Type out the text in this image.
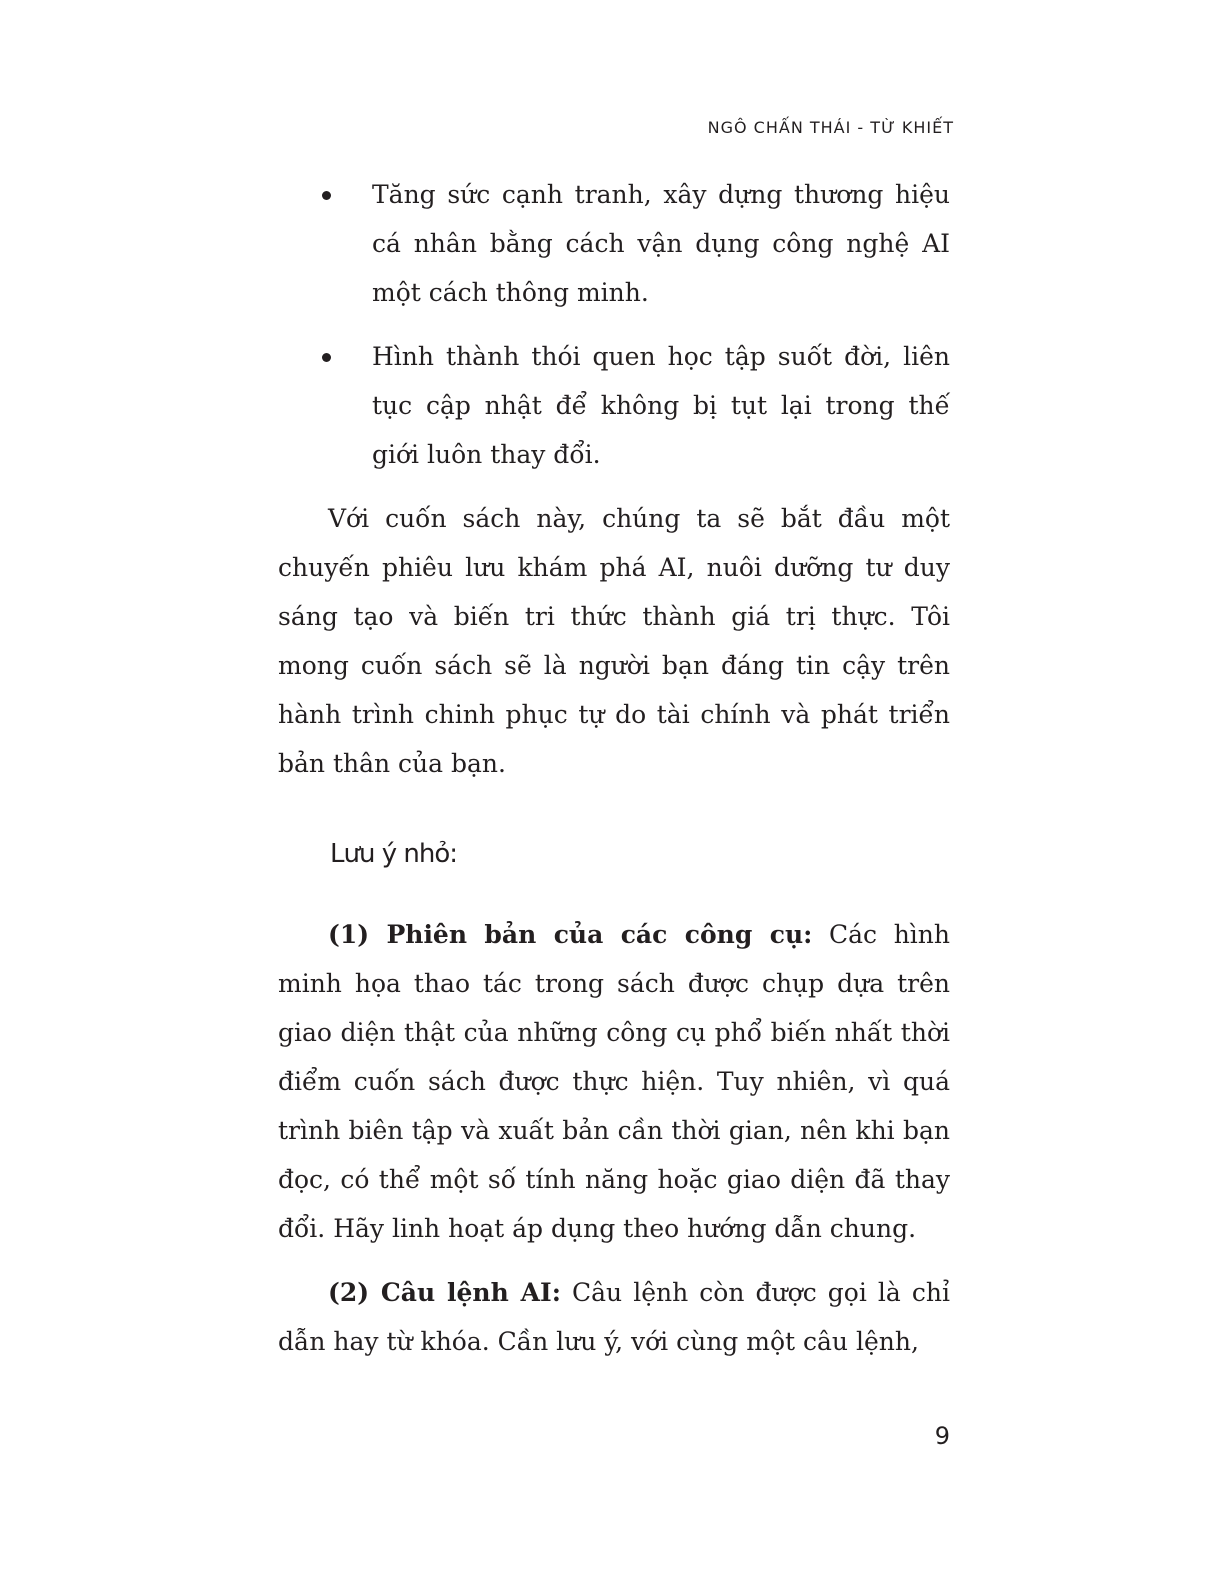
NGÔ CHẤN THÁI - TỪ KHIẾT
Tăng sức cạnh tranh, xây dựng thương hiệu cá nhân bằng cách vận dụng công nghệ AI một cách thông minh.
Hình thành thói quen học tập suốt đời, liên tục cập nhật để không bị tụt lại trong thế giới luôn thay đổi.

Với cuốn sách này, chúng ta sẽ bắt đầu một chuyến phiêu lưu khám phá AI, nuôi dưỡng tư duy sáng tạo và biến tri thức thành giá trị thực. Tôi mong cuốn sách sẽ là người bạn đáng tin cậy trên hành trình chinh phục tự do tài chính và phát triển bản thân của bạn.

Lưu ý nhỏ:

(1) Phiên bản của các công cụ: Các hình minh họa thao tác trong sách được chụp dựa trên giao diện thật của những công cụ phổ biến nhất thời điểm cuốn sách được thực hiện. Tuy nhiên, vì quá trình biên tập và xuất bản cần thời gian, nên khi bạn đọc, có thể một số tính năng hoặc giao diện đã thay đổi. Hãy linh hoạt áp dụng theo hướng dẫn chung.

(2) Câu lệnh AI: Câu lệnh còn được gọi là chỉ dẫn hay từ khóa. Cần lưu ý, với cùng một câu lệnh,

9
